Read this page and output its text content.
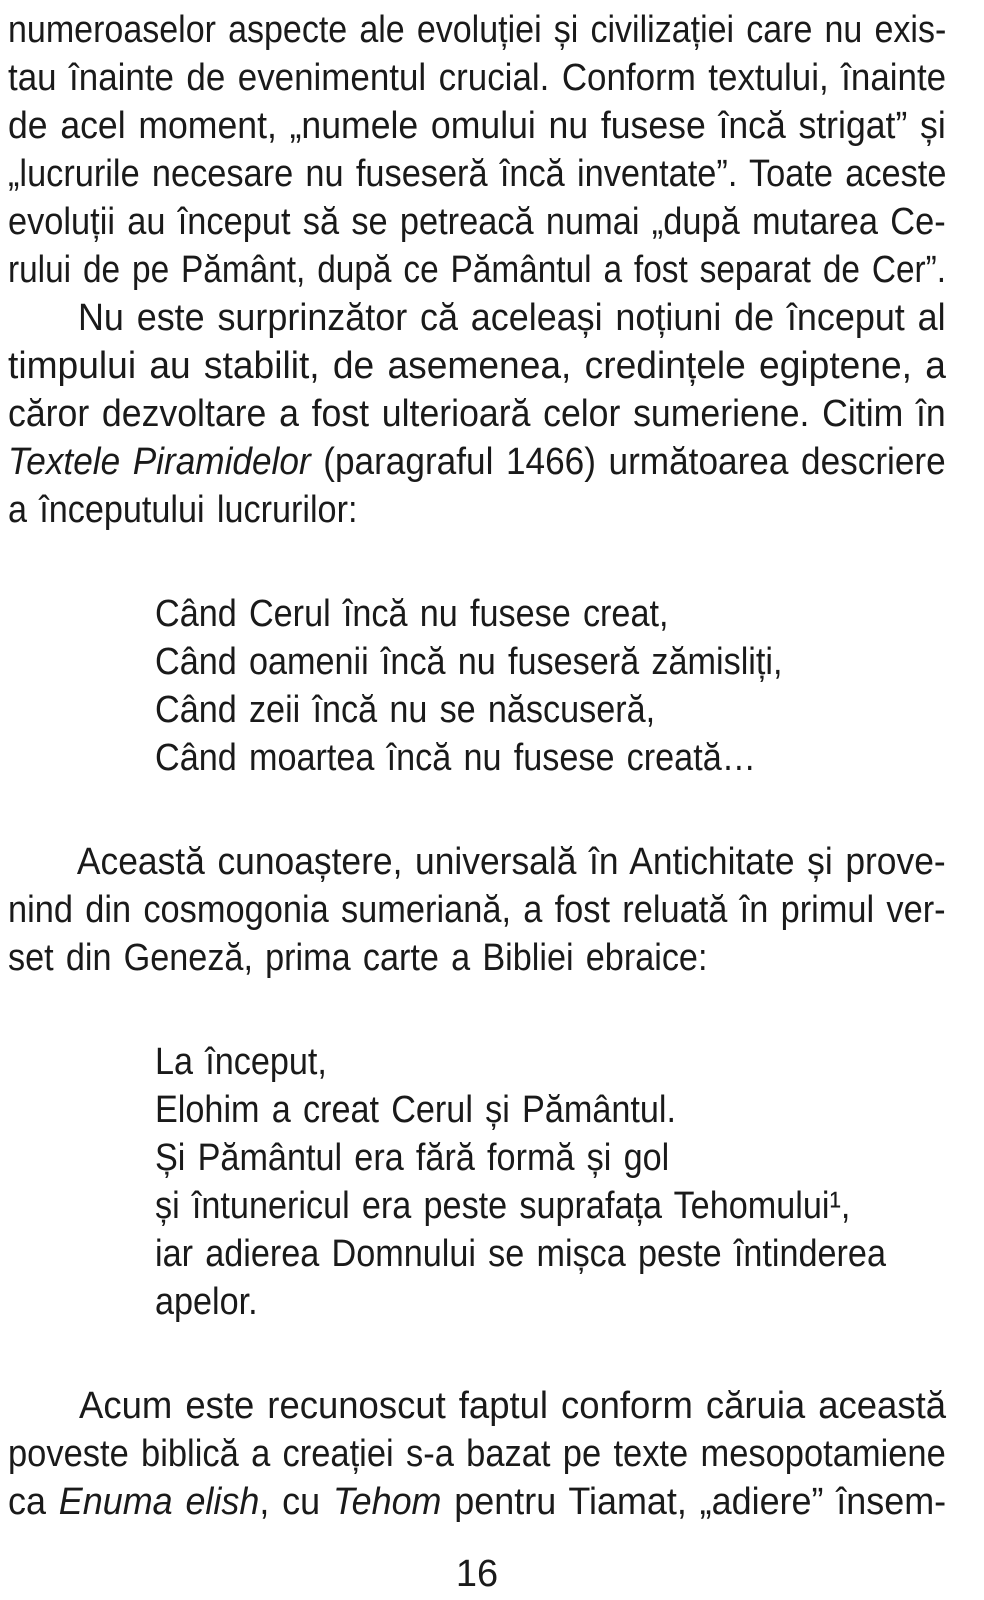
numeroaselor aspecte ale evoluției și civilizației care nu exis-
tau înainte de evenimentul crucial. Conform textului, înainte
de acel moment, „numele omului nu fusese încă strigat” și
„lucrurile necesare nu fuseseră încă inventate”. Toate aceste
evoluții au început să se petreacă numai „după mutarea Ce-
rului de pe Pământ, după ce Pământul a fost separat de Cer”.
Nu este surprinzător că aceleași noțiuni de început al
timpului au stabilit, de asemenea, credințele egiptene, a
căror dezvoltare a fost ulterioară celor sumeriene. Citim în
Textele Piramidelor (paragraful 1466) următoarea descriere
a începutului lucrurilor:
Când Cerul încă nu fusese creat,
Când oamenii încă nu fuseseră zămisliți,
Când zeii încă nu se născuseră,
Când moartea încă nu fusese creată…
Această cunoaștere, universală în Antichitate și prove-
nind din cosmogonia sumeriană, a fost reluată în primul ver-
set din Geneză, prima carte a Bibliei ebraice:
La început,
Elohim a creat Cerul și Pământul.
Și Pământul era fără formă și gol
și întunericul era peste suprafața Tehomului¹,
iar adierea Domnului se mișca peste întinderea
apelor.
Acum este recunoscut faptul conform căruia această
poveste biblică a creației s-a bazat pe texte mesopotamiene
ca Enuma elish, cu Tehom pentru Tiamat, „adiere” însem-
16
